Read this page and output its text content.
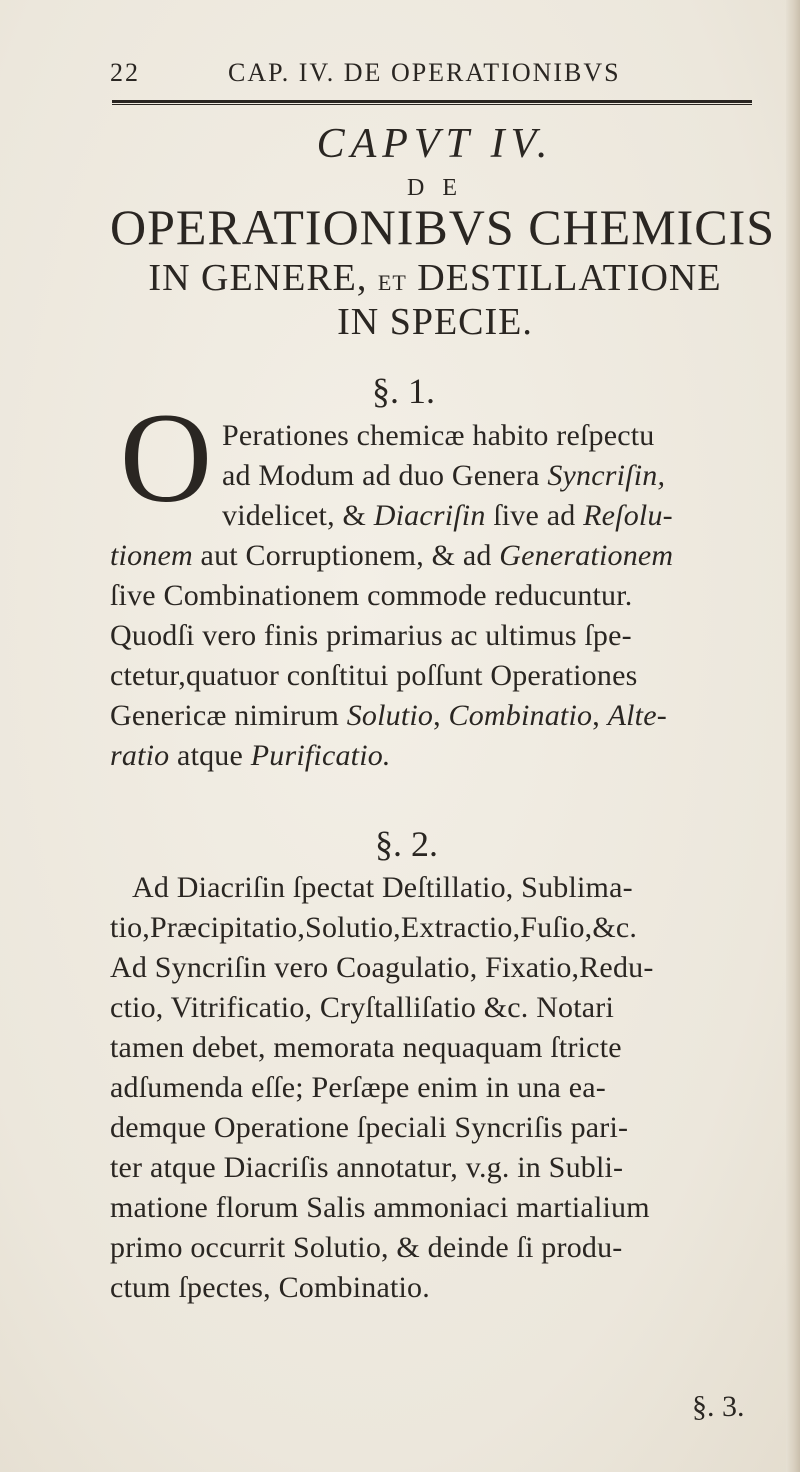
22	CAP. IV. DE OPERATIONIBVS
CAPVT IV.
D E
OPERATIONIBVS CHEMICIS
IN GENERE, ET DESTILLATIONE
IN SPECIE.
§. 1.
O Perationes chemicæ habito reſpectu
ad Modum ad duo Genera Syncriſin,
videlicet, & Diacriſin ſive ad Reſolu-
tionem aut Corruptionem, & ad Generationem
ſive Combinationem commode reducuntur.
Quodſi vero finis primarius ac ultimus ſpe-
ctetur,quatuor conſtitui poſſunt Operationes
Genericæ nimirum Solutio, Combinatio, Alte-
ratio atque Purificatio.
§. 2.
Ad Diacriſin ſpectat Deſtillatio, Sublima-
tio,Præcipitatio,Solutio,Extractio,Fuſio,&c.
Ad Syncriſin vero Coagulatio, Fixatio,Redu-
ctio, Vitrificatio, Cryſtalliſatio &c. Notari
tamen debet, memorata nequaquam ſtricte
adſumenda eſſe; Perſæpe enim in una ea-
demque Operatione ſpeciali Syncriſis pari-
ter atque Diacriſis annotatur, v.g. in Subli-
matione florum Salis ammoniaci martialium
primo occurrit Solutio, & deinde ſi produ-
ctum ſpectes, Combinatio.
§. 3.
